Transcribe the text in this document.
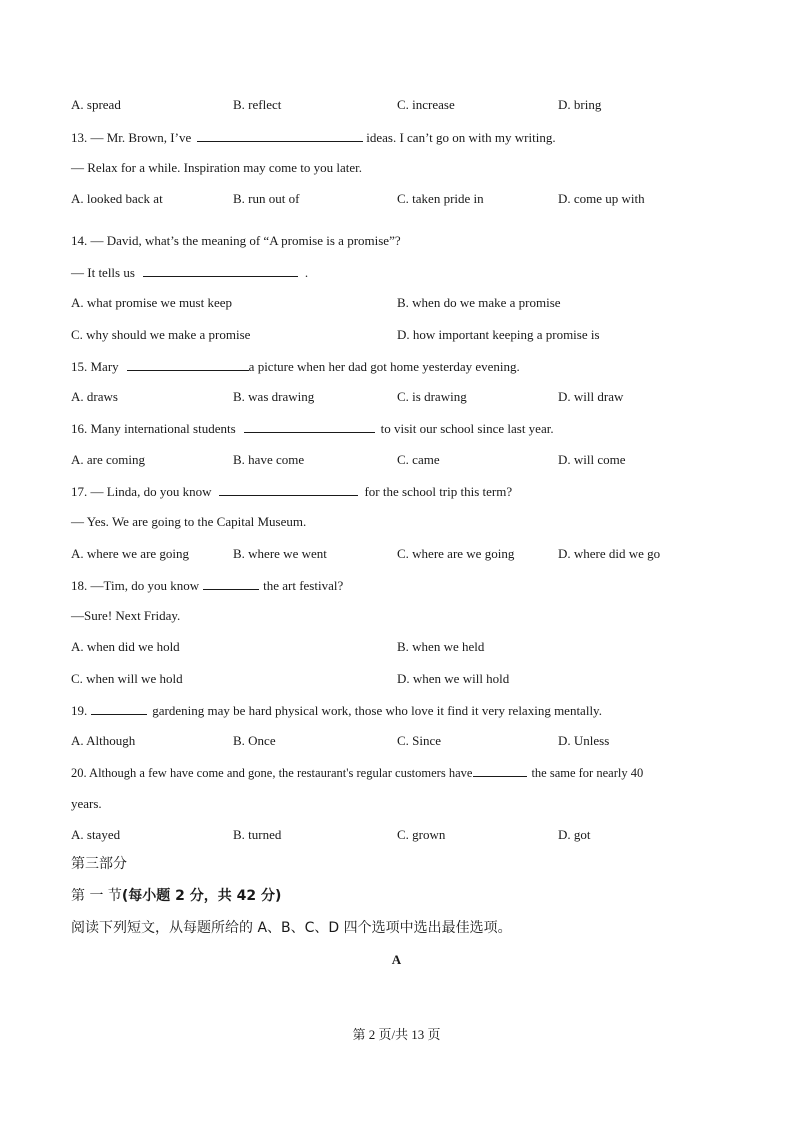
A. spread	B. reflect	C. increase	D. bring
13. — Mr. Brown, I’ve	ideas. I can’t go on with my writing.
— Relax for a while. Inspiration may come to you later.
A. looked back at	B. run out of	C. taken pride in	D. come up with
14. — David, what’s the meaning of “A promise is a promise”?
— It tells us	.
A. what promise we must keep	B. when do we make a promise
C. why should we make a promise	D. how important keeping a promise is
15. Mary	a picture when her dad got home yesterday evening.
A. draws	B. was drawing	C. is drawing	D. will draw
16. Many international students	to visit our school since last year.
A. are coming	B. have come	C. came	D. will come
17. — Linda, do you know	for the school trip this term?
— Yes. We are going to the Capital Museum.
A. where we are going	B. where we went	C. where are we going	D. where did we go
18. —Tim, do you know	the art festival?
—Sure! Next Friday.
A. when did we hold	B. when we held
C. when will we hold	D. when we will hold
19.	gardening may be hard physical work, those who love it find it very relaxing mentally.
A. Although	B. Once	C. Since	D. Unless
20. Although a few have come and gone, the restaurant's regular customers have	the same for nearly 40
years.
A. stayed	B. turned	C. grown	D. got
第三部分
第 一 节(每小题 2 分，共 42 分)
阅读下列短文，从每题所给的 A、B、C、D 四个选项中选出最佳选项。
A
第 2 页/共 13 页
